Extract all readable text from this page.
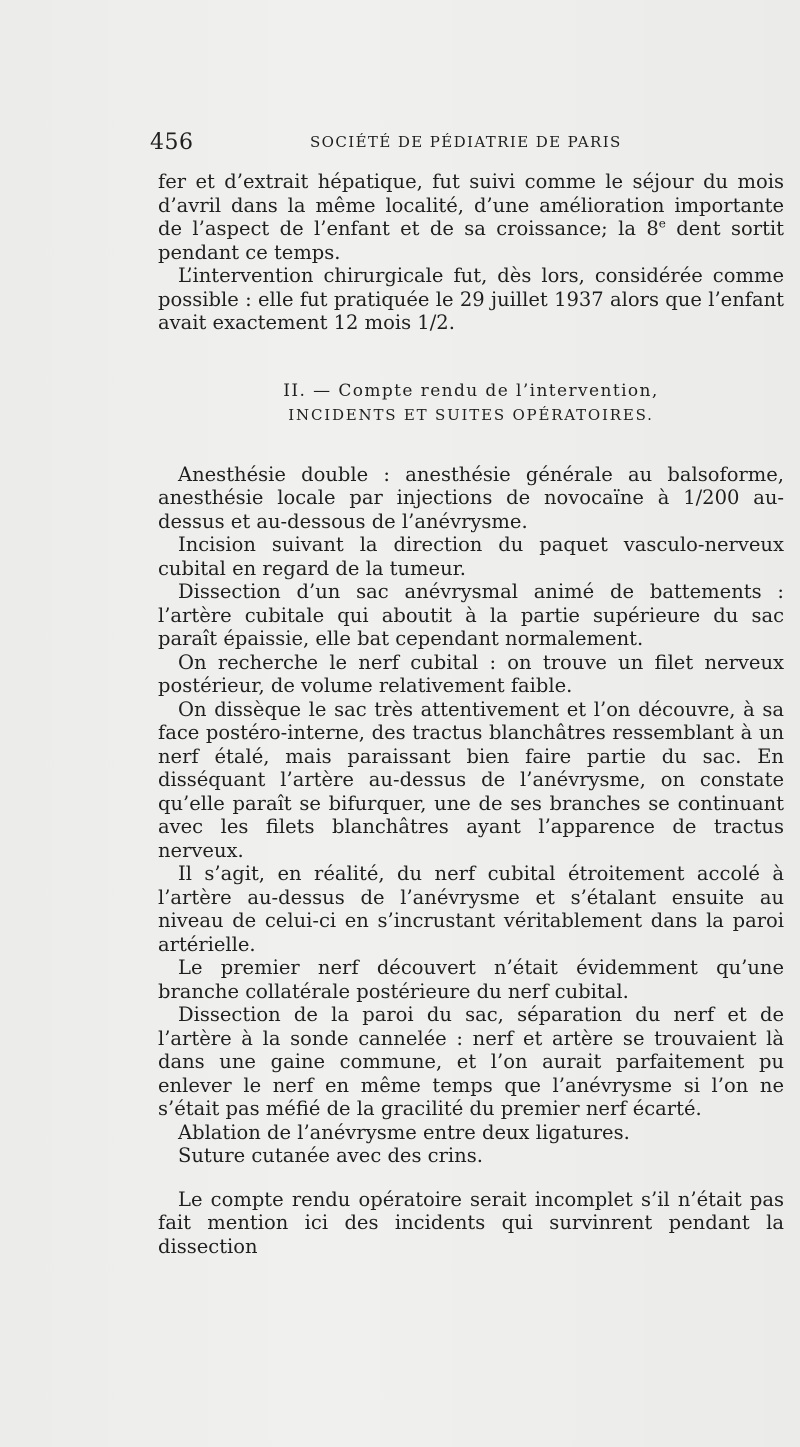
456	SOCIÉTÉ DE PÉDIATRIE DE PARIS

fer et d’extrait hépatique, fut suivi comme le séjour du mois d’avril dans la même localité, d’une amélioration importante de l’aspect de l’enfant et de sa croissance; la 8e dent sortit pendant ce temps.

L’intervention chirurgicale fut, dès lors, considérée comme possible : elle fut pratiquée le 29 juillet 1937 alors que l’enfant avait exactement 12 mois 1/2.

II. — Compte rendu de l’intervention,
INCIDENTS ET SUITES OPÉRATOIRES.

Anesthésie double : anesthésie générale au balsoforme, anesthésie locale par injections de novocaïne à 1/200 au-dessus et au-dessous de l’anévrysme.

Incision suivant la direction du paquet vasculo-nerveux cubital en regard de la tumeur.

Dissection d’un sac anévrysmal animé de battements : l’artère cubitale qui aboutit à la partie supérieure du sac paraît épaissie, elle bat cependant normalement.

On recherche le nerf cubital : on trouve un filet nerveux postérieur, de volume relativement faible.

On dissèque le sac très attentivement et l’on découvre, à sa face postéro-interne, des tractus blanchâtres ressemblant à un nerf étalé, mais paraissant bien faire partie du sac. En disséquant l’artère au-dessus de l’anévrysme, on constate qu’elle paraît se bifurquer, une de ses branches se continuant avec les filets blanchâtres ayant l’apparence de tractus nerveux.

Il s’agit, en réalité, du nerf cubital étroitement accolé à l’artère au-dessus de l’anévrysme et s’étalant ensuite au niveau de celui-ci en s’incrustant véritablement dans la paroi artérielle.

Le premier nerf découvert n’était évidemment qu’une branche collatérale postérieure du nerf cubital.

Dissection de la paroi du sac, séparation du nerf et de l’artère à la sonde cannelée : nerf et artère se trouvaient là dans une gaine commune, et l’on aurait parfaitement pu enlever le nerf en même temps que l’anévrysme si l’on ne s’était pas méfié de la gracilité du premier nerf écarté.

Ablation de l’anévrysme entre deux ligatures.

Suture cutanée avec des crins.

Le compte rendu opératoire serait incomplet s’il n’était pas fait mention ici des incidents qui survinrent pendant la dissection
